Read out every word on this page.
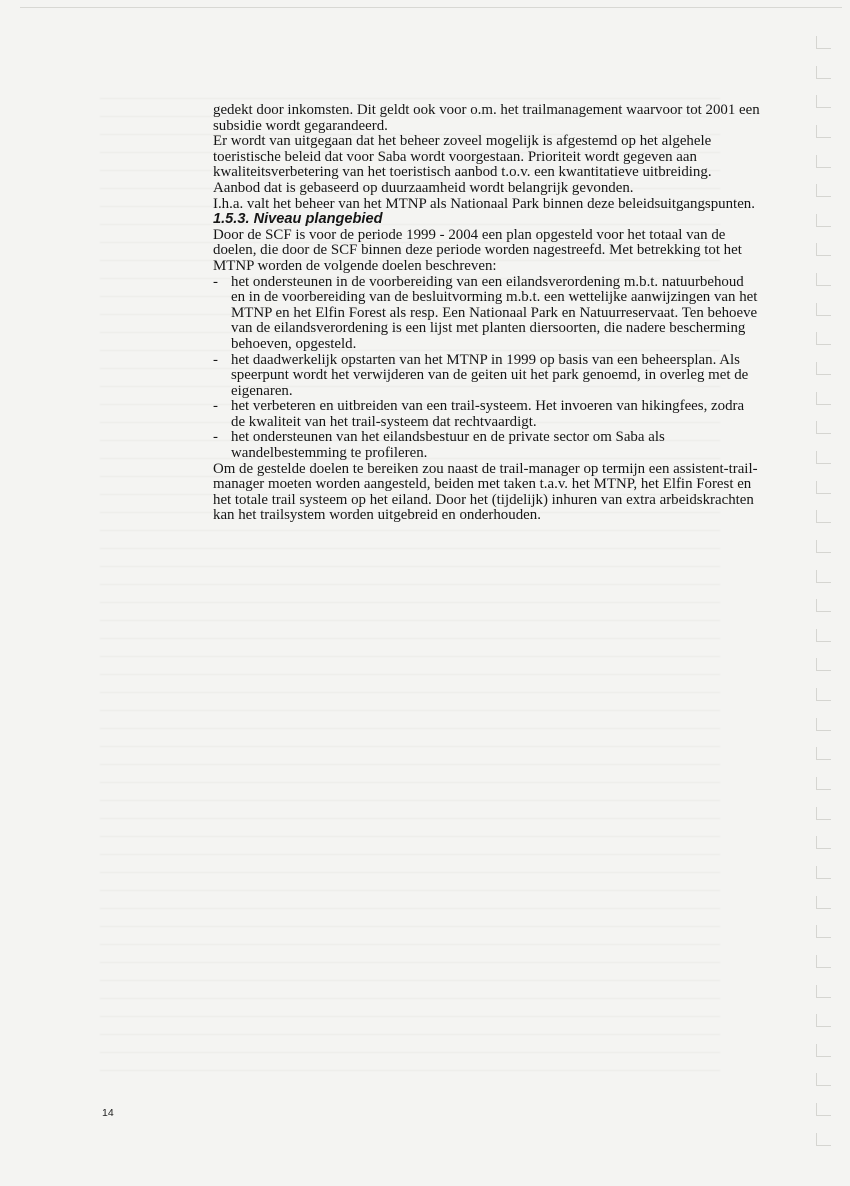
gedekt door inkomsten. Dit geldt ook voor o.m. het trailmanagement waarvoor tot 2001 een subsidie wordt gegarandeerd.

Er wordt van uitgegaan dat het beheer zoveel mogelijk is afgestemd op het algehele toeristische beleid dat voor Saba wordt voorgestaan. Prioriteit wordt gegeven aan kwaliteitsverbetering van het toeristisch aanbod t.o.v. een kwantitatieve uitbreiding. Aanbod dat is gebaseerd op duurzaamheid wordt belangrijk gevonden.

I.h.a. valt het beheer van het MTNP als Nationaal Park binnen deze beleidsuitgangspunten.

1.5.3. Niveau plangebied

Door de SCF is voor de periode 1999 - 2004 een plan opgesteld voor het totaal van de doelen, die door de SCF binnen deze periode worden nagestreefd. Met betrekking tot het MTNP worden de volgende doelen beschreven:

- het ondersteunen in de voorbereiding van een eilandsverordening m.b.t. natuurbehoud en in de voorbereiding van de besluitvorming m.b.t. een wettelijke aanwijzingen van het MTNP en het Elfin Forest als resp. Een Nationaal Park en Natuurreservaat. Ten behoeve van de eilandsverordening is een lijst met planten diersoorten, die nadere bescherming behoeven, opgesteld.
- het daadwerkelijk opstarten van het MTNP in 1999 op basis van een beheersplan. Als speerpunt wordt het verwijderen van de geiten uit het park genoemd, in overleg met de eigenaren.
- het verbeteren en uitbreiden van een trail-systeem. Het invoeren van hikingfees, zodra de kwaliteit van het trail-systeem dat rechtvaardigt.
- het ondersteunen van het eilandsbestuur en de private sector om Saba als wandelbestemming te profileren.

Om de gestelde doelen te bereiken zou naast de trail-manager op termijn een assistent-trail-manager moeten worden aangesteld, beiden met taken t.a.v. het MTNP, het Elfin Forest en het totale trail systeem op het eiland. Door het (tijdelijk) inhuren van extra arbeidskrachten kan het trailsystem worden uitgebreid en onderhouden.

14
